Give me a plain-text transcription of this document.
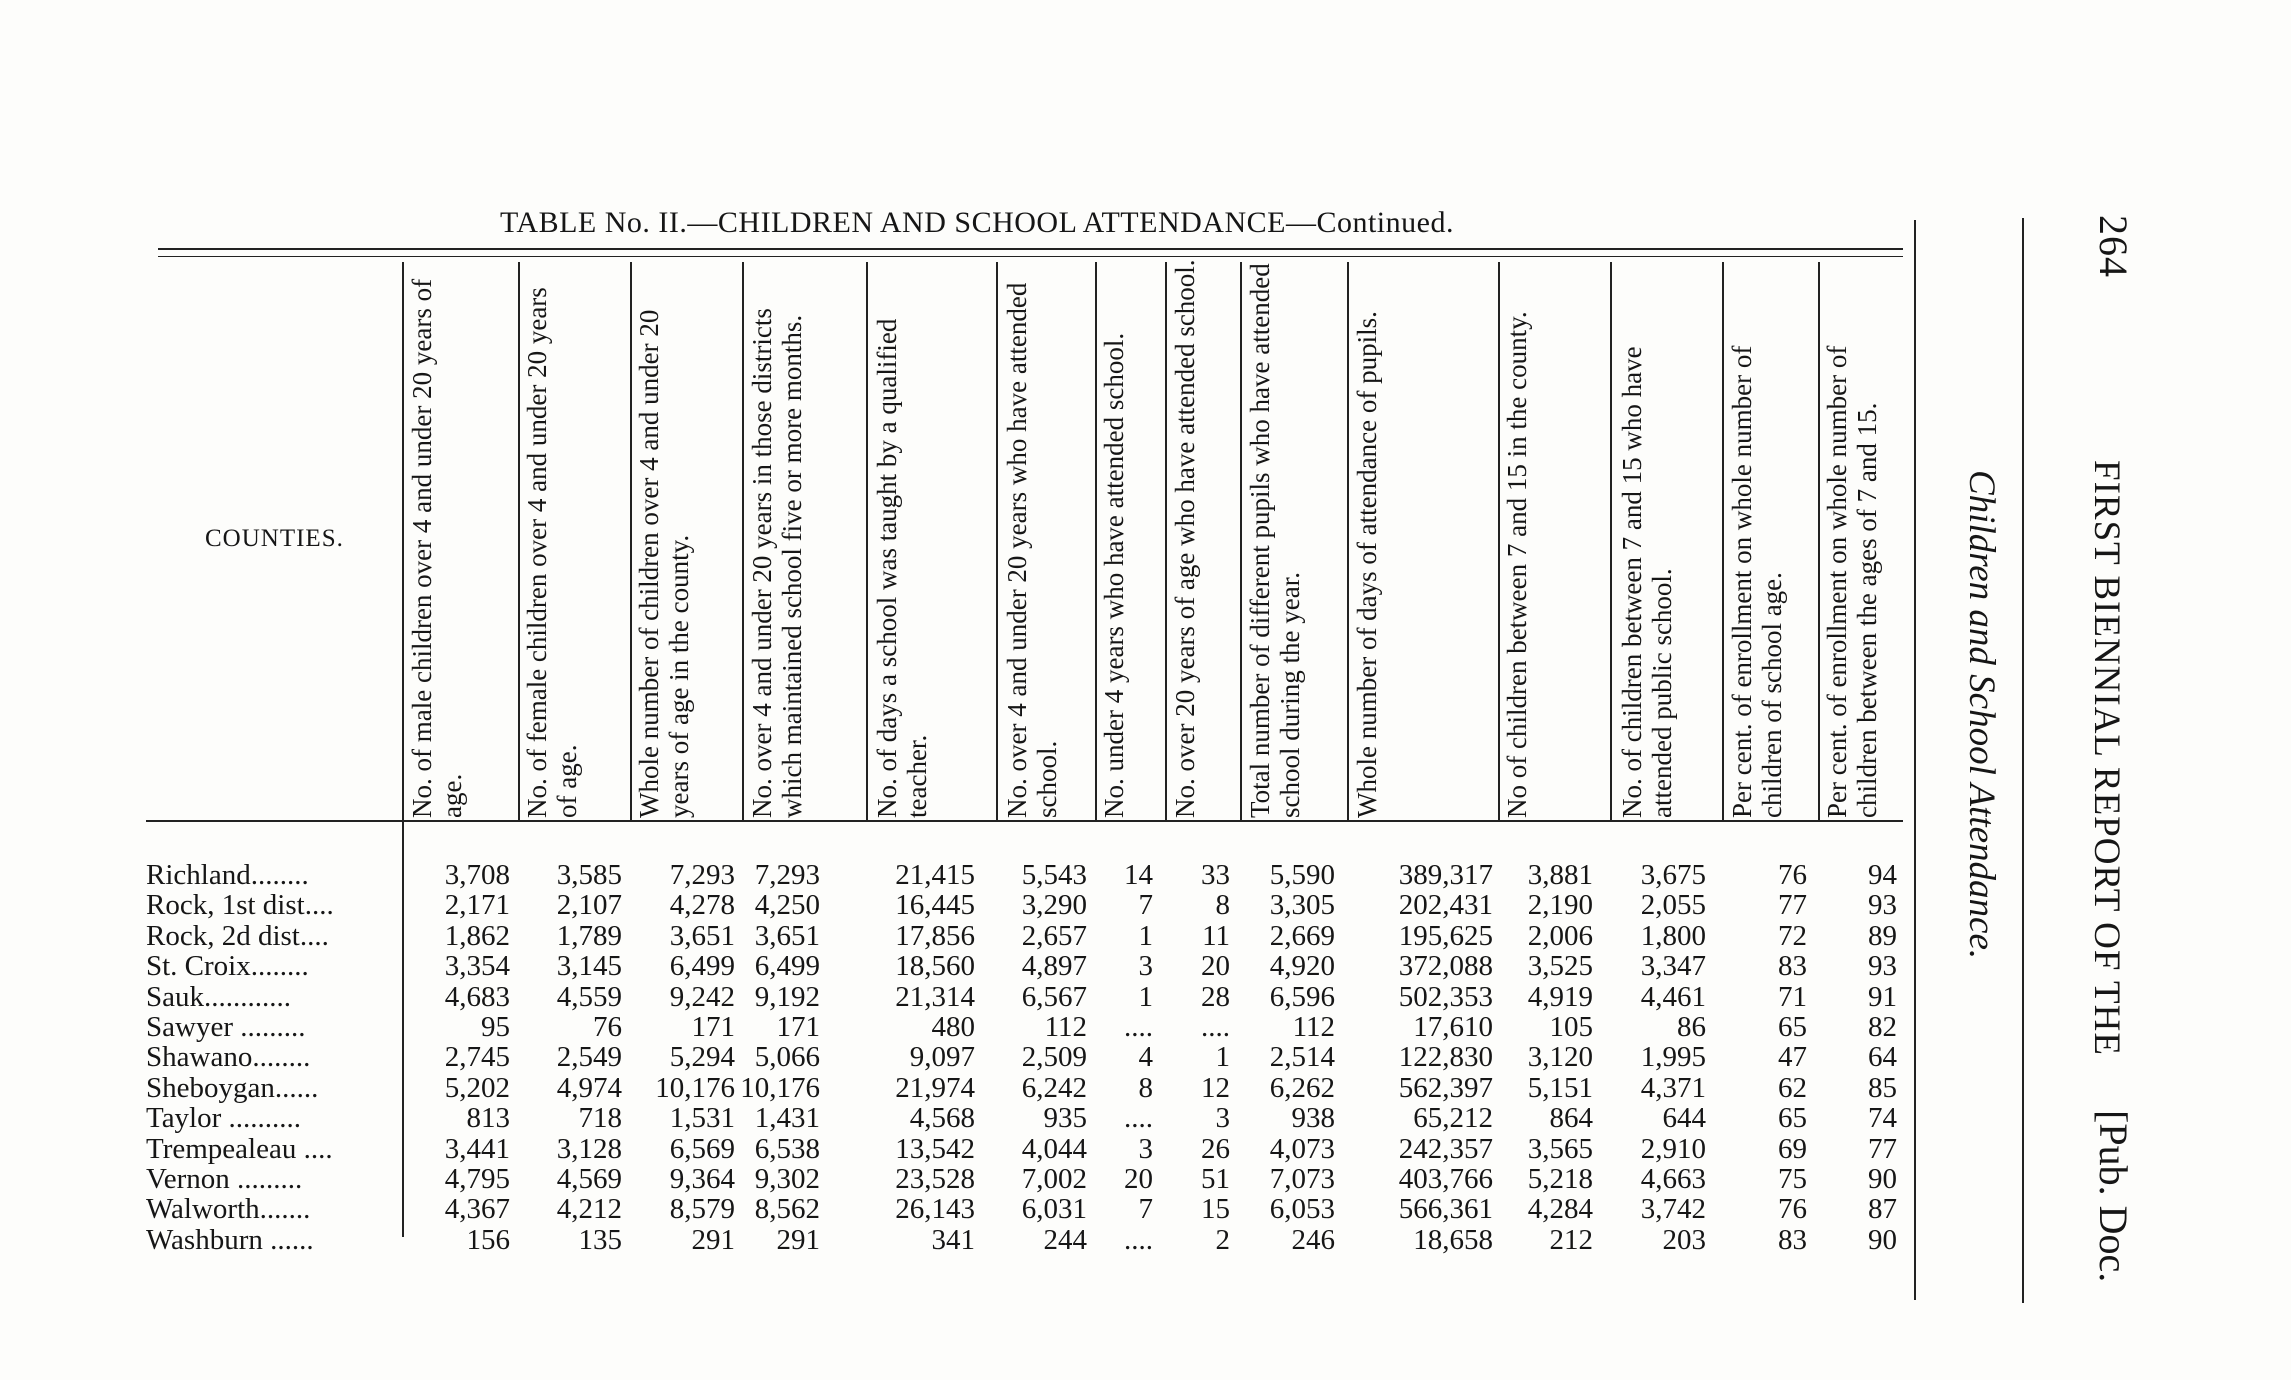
TABLE No. II.—CHILDREN AND SCHOOL ATTENDANCE—Continued.
COUNTIES. No. of male children over 4 and under 20 years of age.	No. of female children over 4 and under 20 years of age.	Whole number of children over 4 and under 20 years of age in the county.	No. over 4 and under 20 years in those districts which maintained school five or more months.	No. of days a school was taught by a qualified teacher.	No. over 4 and under 20 years who have attended school.	No. under 4 years who have attended school.	No. over 20 years of age who have attended school.	Total number of different pupils who have attended school during the year.	Whole number of days of attendance of pupils.	No of children between 7 and 15 in the county.	No. of children between 7 and 15 who have attended public school.	Per cent. of enrollment on whole number of children of school age.	Per cent. of enrollment on whole number of children between the ages of 7 and 15.
Richland........	3,708 3,585 7,293 7,293	21,415 5,543 14 33 5,590 389,317 3,881 3,675 76 94
Rock, 1st dist....	2,171 2,107 4,278 4,250	16,445 3,290 7 8 3,305 202,431 2,190 2,055 77 93
Rock, 2d dist....	1,862 1,789 3,651 3,651	17,856 2,657 1 11 2,669 195,625 2,006 1,800 72 89
St. Croix........	3,354 3,145 6,499 6,499	18,560 4,897 3 20 4,920 372,088 3,525 3,347 83 93
Sauk............	4,683 4,559 9,242 9,192	21,314 6,567 1 28 6,596 502,353 4,919 4,461 71 91
Sawyer .........	95	76 171 171	480 112 .... .... 112	17,610 105	86 65 82
Shawano........	2,745 2,549 5,294 5,066	9,097 2,509 4 1 2,514 122,830 3,120 1,995 47 64
Sheboygan......	5,202 4,974 10,176 10,176	21,974 6,242 8 12 6,262 562,397 5,151 4,371 62 85
Taylor ..........	813 718 1,531 1,431	4,568 935 .... 3 938	65,212 864 644 65 74
Trempealeau ....	3,441 3,128 6,569 6,538	13,542 4,044 3 26 4,073 242,357 3,565 2,910 69 77
Vernon .........	4,795 4,569 9,364 9,302	23,528 7,002 20 51 7,073 403,766 5,218 4,663 75 90
Walworth.......	4,367 4,212 8,579 8,562	26,143 6,031 7 15 6,053 566,361 4,284 3,742 76 87
Washburn ......	156 135 291 291	341 244 .... 2 246	18,658 212 203 83 90
264
FIRST BIENNIAL REPORT OF THE
[Pub. Doc.
Children and School Attendance.
